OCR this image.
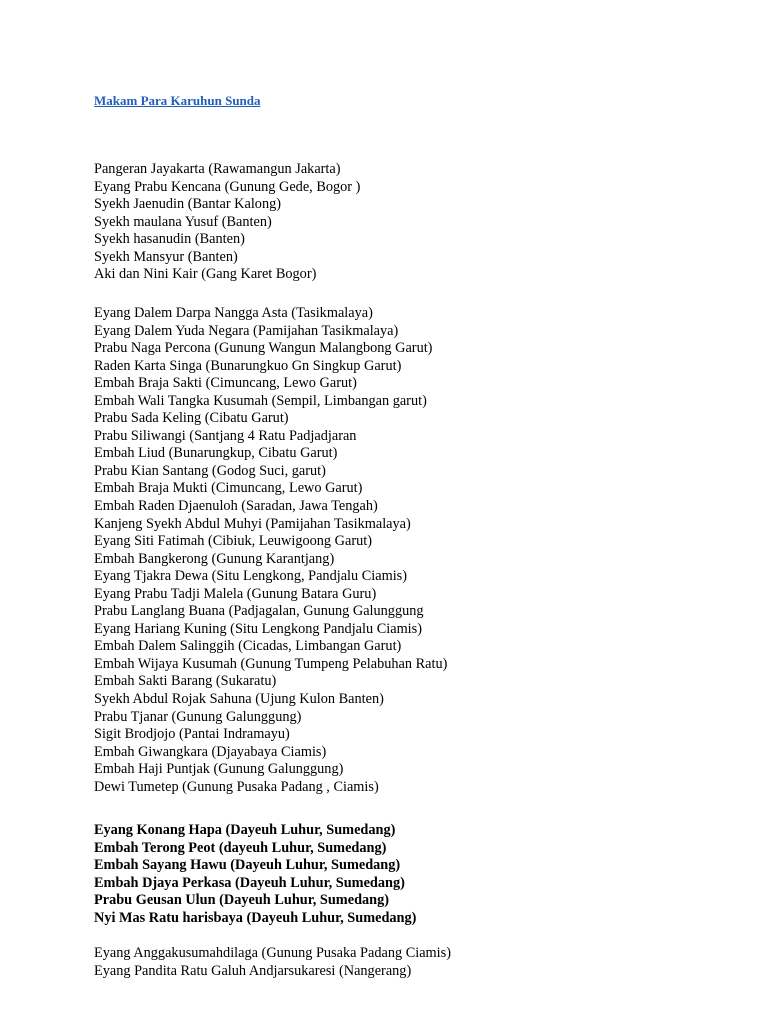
Makam Para Karuhun Sunda
Pangeran Jayakarta (Rawamangun Jakarta)
Eyang Prabu Kencana (Gunung Gede, Bogor )
Syekh Jaenudin (Bantar Kalong)
Syekh maulana Yusuf (Banten)
Syekh hasanudin (Banten)
Syekh Mansyur (Banten)
Aki dan Nini Kair (Gang Karet Bogor)
Eyang Dalem Darpa Nangga Asta (Tasikmalaya)
Eyang Dalem Yuda Negara (Pamijahan Tasikmalaya)
Prabu Naga Percona (Gunung Wangun Malangbong Garut)
Raden Karta Singa (Bunarungkuo Gn Singkup Garut)
Embah Braja Sakti (Cimuncang, Lewo Garut)
Embah Wali Tangka Kusumah (Sempil, Limbangan garut)
Prabu Sada Keling (Cibatu Garut)
Prabu Siliwangi (Santjang 4 Ratu Padjadjaran
Embah Liud (Bunarungkup, Cibatu Garut)
Prabu Kian Santang (Godog Suci, garut)
Embah Braja Mukti (Cimuncang, Lewo Garut)
Embah Raden Djaenuloh (Saradan, Jawa Tengah)
Kanjeng Syekh Abdul Muhyi (Pamijahan Tasikmalaya)
Eyang Siti Fatimah (Cibiuk, Leuwigoong Garut)
Embah Bangkerong (Gunung Karantjang)
Eyang Tjakra Dewa (Situ Lengkong, Pandjalu Ciamis)
Eyang Prabu Tadji Malela (Gunung Batara Guru)
Prabu Langlang Buana (Padjagalan, Gunung Galunggung
Eyang Hariang Kuning (Situ Lengkong Pandjalu Ciamis)
Embah Dalem Salinggih (Cicadas, Limbangan Garut)
Embah Wijaya Kusumah (Gunung Tumpeng Pelabuhan Ratu)
Embah Sakti Barang (Sukaratu)
Syekh Abdul Rojak Sahuna (Ujung Kulon Banten)
Prabu Tjanar (Gunung Galunggung)
Sigit Brodjojo (Pantai Indramayu)
Embah Giwangkara (Djayabaya Ciamis)
Embah Haji Puntjak (Gunung Galunggung)
Dewi Tumetep (Gunung Pusaka Padang , Ciamis)
Eyang Konang Hapa (Dayeuh Luhur, Sumedang)
Embah Terong Peot (dayeuh Luhur, Sumedang)
Embah Sayang Hawu (Dayeuh Luhur, Sumedang)
Embah Djaya Perkasa (Dayeuh Luhur, Sumedang)
Prabu Geusan Ulun (Dayeuh Luhur, Sumedang)
Nyi Mas Ratu harisbaya (Dayeuh Luhur, Sumedang)
Eyang Anggakusumahdilaga (Gunung Pusaka Padang Ciamis)
Eyang Pandita Ratu Galuh Andjarsukaresi (Nangerang)
